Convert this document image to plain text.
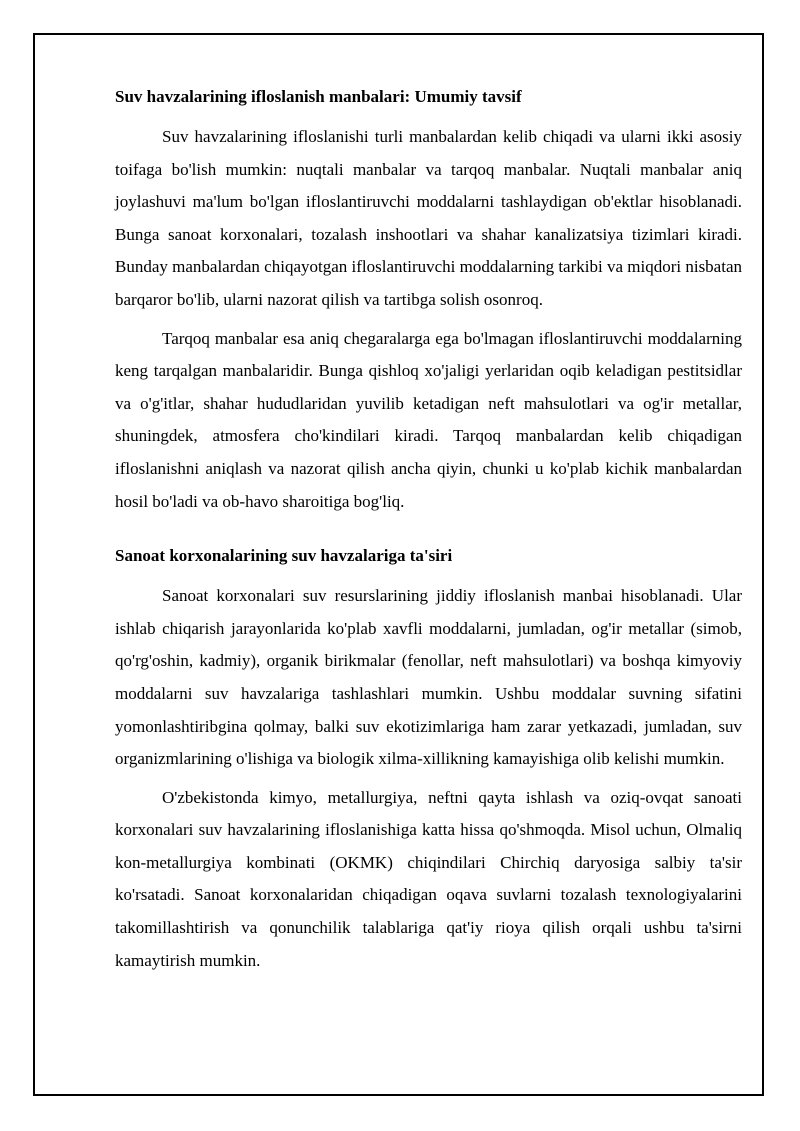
Suv havzalarining ifloslanish manbalari: Umumiy tavsif

Suv havzalarining ifloslanishi turli manbalardan kelib chiqadi va ularni ikki asosiy toifaga bo'lish mumkin: nuqtali manbalar va tarqoq manbalar. Nuqtali manbalar aniq joylashuvi ma'lum bo'lgan ifloslantiruvchi moddalarni tashlaydigan ob'ektlar hisoblanadi. Bunga sanoat korxonalari, tozalash inshootlari va shahar kanalizatsiya tizimlari kiradi. Bunday manbalardan chiqayotgan ifloslantiruvchi moddalarning tarkibi va miqdori nisbatan barqaror bo'lib, ularni nazorat qilish va tartibga solish osonroq.

Tarqoq manbalar esa aniq chegaralarga ega bo'lmagan ifloslantiruvchi moddalarning keng tarqalgan manbalaridir. Bunga qishloq xo'jaligi yerlaridan oqib keladigan pestitsidlar va o'g'itlar, shahar hududlaridan yuvilib ketadigan neft mahsulotlari va og'ir metallar, shuningdek, atmosfera cho'kindilari kiradi. Tarqoq manbalardan kelib chiqadigan ifloslanishni aniqlash va nazorat qilish ancha qiyin, chunki u ko'plab kichik manbalardan hosil bo'ladi va ob-havo sharoitiga bog'liq.

Sanoat korxonalarining suv havzalariga ta'siri

Sanoat korxonalari suv resurslarining jiddiy ifloslanish manbai hisoblanadi. Ular ishlab chiqarish jarayonlarida ko'plab xavfli moddalarni, jumladan, og'ir metallar (simob, qo'rg'oshin, kadmiy), organik birikmalar (fenollar, neft mahsulotlari) va boshqa kimyoviy moddalarni suv havzalariga tashlashlari mumkin. Ushbu moddalar suvning sifatini yomonlashtiribgina qolmay, balki suv ekotizimlariga ham zarar yetkazadi, jumladan, suv organizmlarining o'lishiga va biologik xilma-xillikning kamayishiga olib kelishi mumkin.

O'zbekistonda kimyo, metallurgiya, neftni qayta ishlash va oziq-ovqat sanoati korxonalari suv havzalarining ifloslanishiga katta hissa qo'shmoqda. Misol uchun, Olmaliq kon-metallurgiya kombinati (OKMK) chiqindilari Chirchiq daryosiga salbiy ta'sir ko'rsatadi. Sanoat korxonalaridan chiqadigan oqava suvlarni tozalash texnologiyalarini takomillashtirish va qonunchilik talablariga qat'iy rioya qilish orqali ushbu ta'sirni kamaytirish mumkin.
